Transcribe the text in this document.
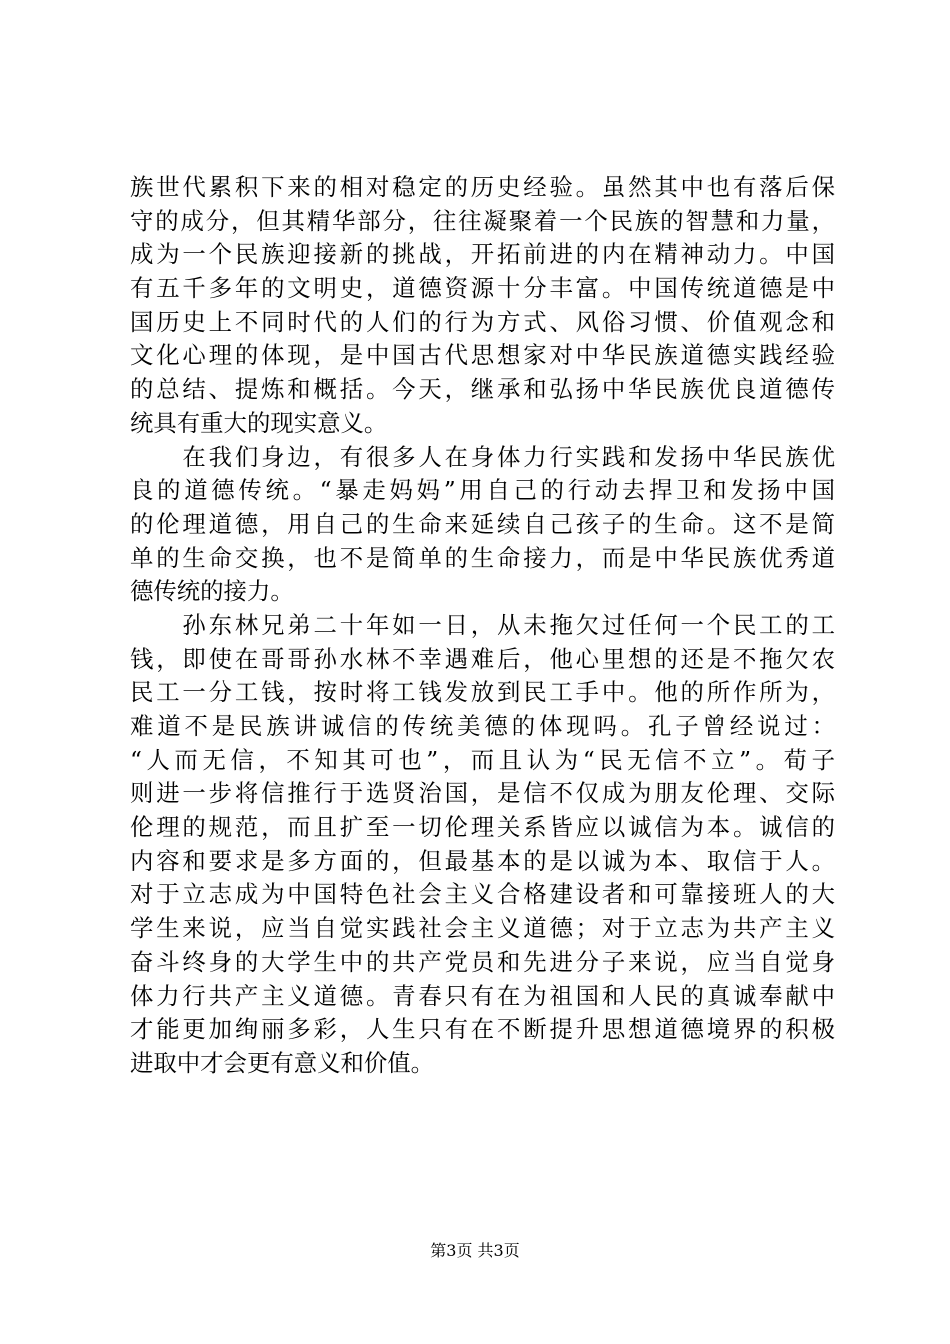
族世代累积下来的相对稳定的历史经验。虽然其中也有落后保
守的成分，但其精华部分，往往凝聚着一个民族的智慧和力量，
成为一个民族迎接新的挑战，开拓前进的内在精神动力。中国
有五千多年的文明史，道德资源十分丰富。中国传统道德是中
国历史上不同时代的人们的行为方式、风俗习惯、价值观念和
文化心理的体现，是中国古代思想家对中华民族道德实践经验
的总结、提炼和概括。今天，继承和弘扬中华民族优良道德传
统具有重大的现实意义。
　　在我们身边，有很多人在身体力行实践和发扬中华民族优
良的道德传统。“暴走妈妈”用自己的行动去捍卫和发扬中国
的伦理道德，用自己的生命来延续自己孩子的生命。这不是简
单的生命交换，也不是简单的生命接力，而是中华民族优秀道
德传统的接力。
　　孙东林兄弟二十年如一日，从未拖欠过任何一个民工的工
钱，即使在哥哥孙水林不幸遇难后，他心里想的还是不拖欠农
民工一分工钱，按时将工钱发放到民工手中。他的所作所为，
难道不是民族讲诚信的传统美德的体现吗。孔子曾经说过：
“人而无信，不知其可也”，而且认为“民无信不立”。荀子
则进一步将信推行于选贤治国，是信不仅成为朋友伦理、交际
伦理的规范，而且扩至一切伦理关系皆应以诚信为本。诚信的
内容和要求是多方面的，但最基本的是以诚为本、取信于人。
对于立志成为中国特色社会主义合格建设者和可靠接班人的大
学生来说，应当自觉实践社会主义道德；对于立志为共产主义
奋斗终身的大学生中的共产党员和先进分子来说，应当自觉身
体力行共产主义道德。青春只有在为祖国和人民的真诚奉献中
才能更加绚丽多彩，人生只有在不断提升思想道德境界的积极
进取中才会更有意义和价值。
第3页 共3页
